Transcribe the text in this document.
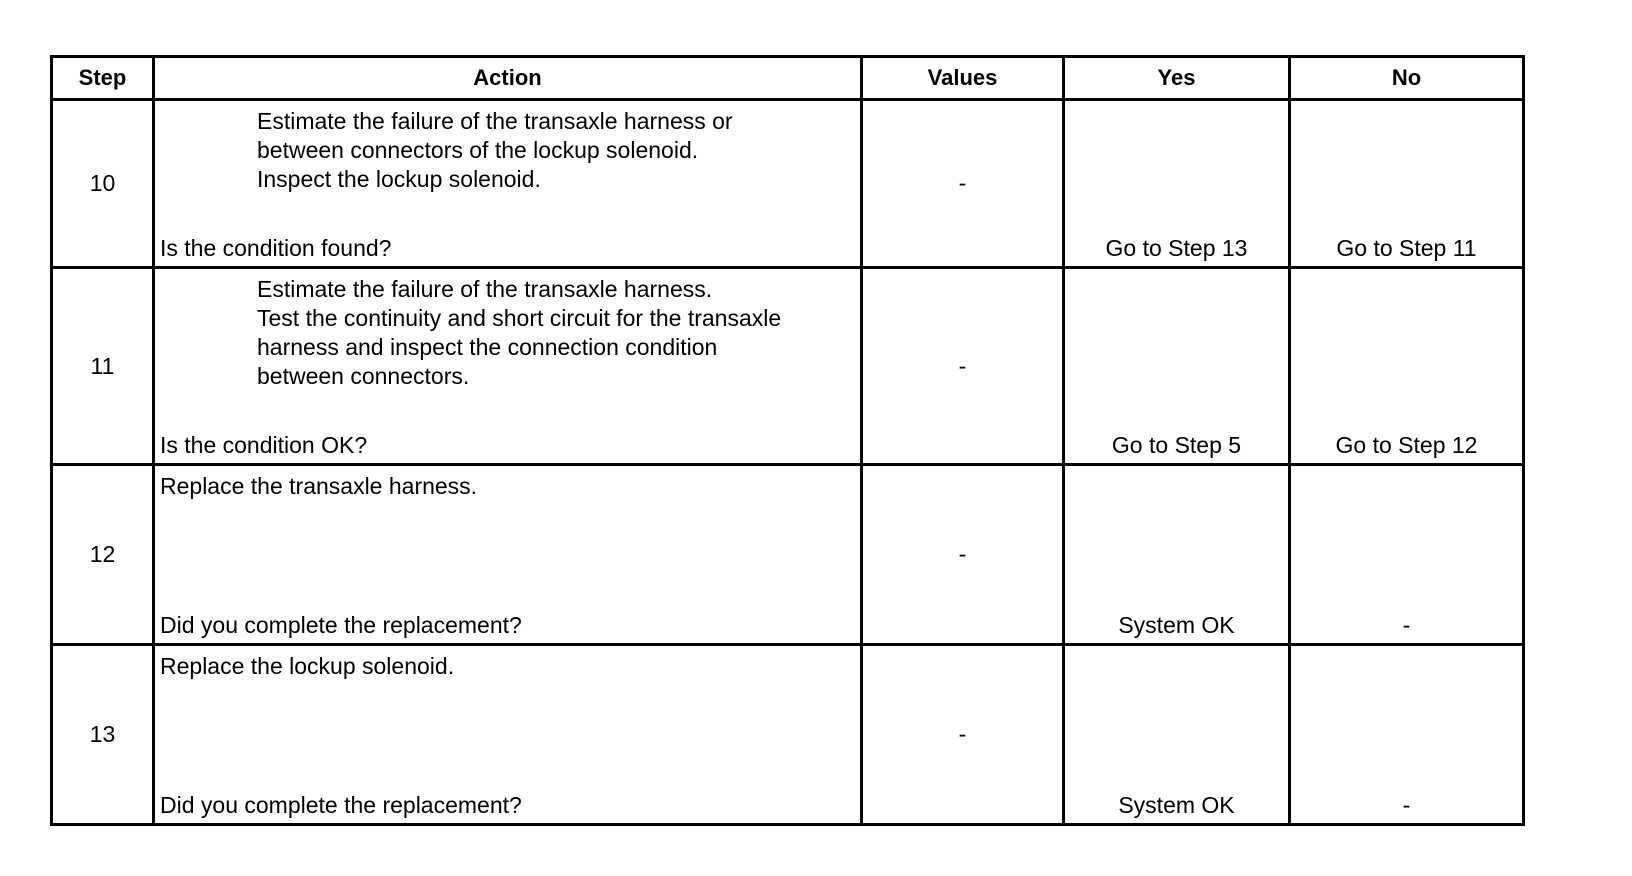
Step	Action	Values	Yes	No
10	Estimate the failure of the transaxle harness or
between connectors of the lockup solenoid.
Inspect the lockup solenoid.
Is the condition found?	-	Go to Step 13	Go to Step 11
11	Estimate the failure of the transaxle harness.
Test the continuity and short circuit for the transaxle
harness and inspect the connection condition
between connectors.
Is the condition OK?	-	Go to Step 5	Go to Step 12
12	Replace the transaxle harness.
Did you complete the replacement?	-	System OK	-
13	Replace the lockup solenoid.
Did you complete the replacement?	-	System OK	-
